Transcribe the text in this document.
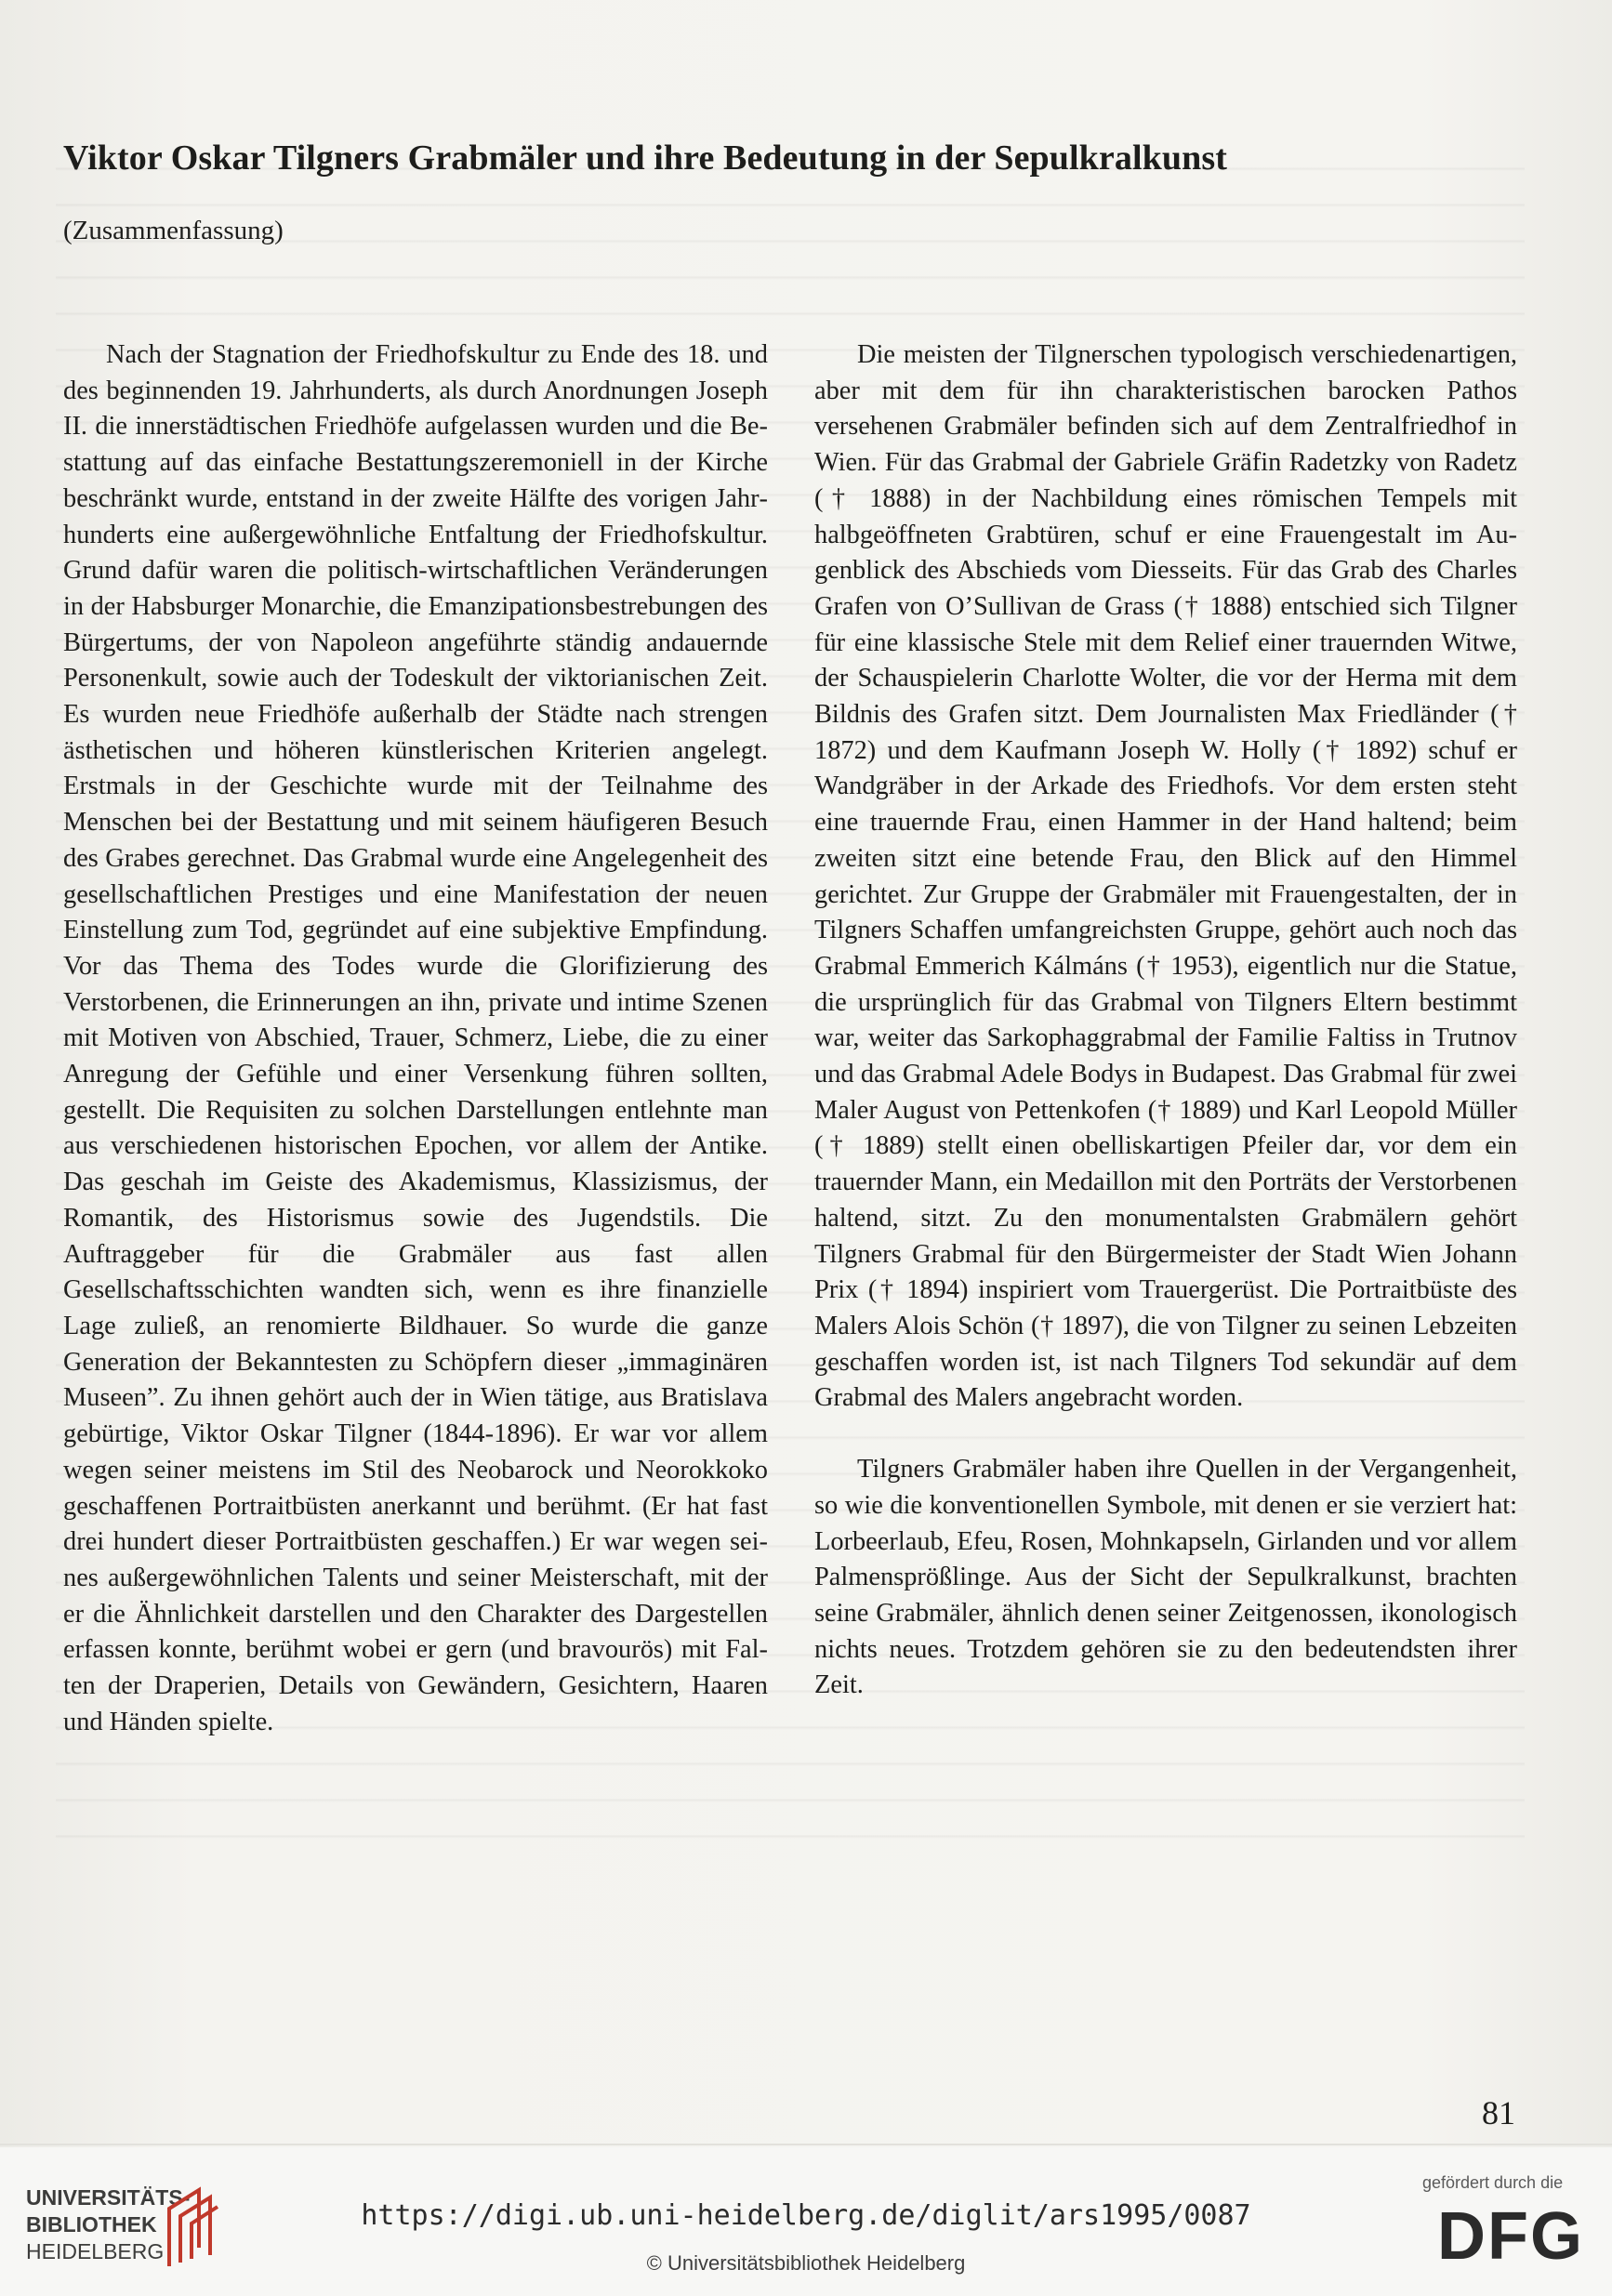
Viktor Oskar Tilgners Grabmäler und ihre Bedeutung in der Sepulkralkunst
(Zusammenfassung)

Nach der Stagnation der Friedhofskultur zu Ende des 18. und des beginnenden 19. Jahrhunderts, als durch Anordnungen Joseph II. die innerstädtischen Friedhöfe aufgelassen wurden und die Bestattung auf das einfache Bestattungszeremoniell in der Kirche beschränkt wurde, entstand in der zweite Hälfte des vorigen Jahrhunderts eine außergewöhnliche Entfaltung der Friedhofskultur. Grund dafür waren die politisch-wirtschaftlichen Veränderungen in der Habsburger Monarchie, die Emanzipationsbestrebungen des Bürgertums, der von Napoleon angeführte ständig andauernde Personenkult, sowie auch der Todeskult der viktorianischen Zeit. Es wurden neue Friedhöfe außerhalb der Städte nach strengen ästhetischen und höheren künstlerischen Kriterien angelegt. Erstmals in der Geschichte wurde mit der Teilnahme des Menschen bei der Bestattung und mit seinem häufigeren Besuch des Grabes gerechnet. Das Grabmal wurde eine Angelegenheit des gesellschaftlichen Prestiges und eine Manifestation der neuen Einstellung zum Tod, gegründet auf eine subjektive Empfindung. Vor das Thema des Todes wurde die Glorifizierung des Verstorbenen, die Erinnerungen an ihn, private und intime Szenen mit Motiven von Abschied, Trauer, Schmerz, Liebe, die zu einer Anregung der Gefühle und einer Versenkung führen sollten, gestellt. Die Requisiten zu solchen Darstellungen entlehnte man aus verschiedenen historischen Epochen, vor allem der Antike. Das geschah im Geiste des Akademismus, Klassizismus, der Romantik, des Historismus sowie des Jugendstils. Die Auftraggeber für die Grabmäler aus fast allen Gesellschaftsschichten wandten sich, wenn es ihre finanzielle Lage zuließ, an renomierte Bildhauer. So wurde die ganze Generation der Bekanntesten zu Schöpfern dieser „immaginären Museen”. Zu ihnen gehört auch der in Wien tätige, aus Bratislava gebürtige, Viktor Oskar Tilgner (1844-1896). Er war vor allem wegen seiner meistens im Stil des Neobarock und Neorokkoko geschaffenen Portraitbüsten anerkannt und berühmt. (Er hat fast drei hundert dieser Portraitbüsten geschaffen.) Er war wegen seines außergewöhnlichen Talents und seiner Meisterschaft, mit der er die Ähnlichkeit darstellen und den Charakter des Dargestellen erfassen konnte, berühmt wobei er gern (und bravourös) mit Falten der Draperien, Details von Gewändern, Gesichtern, Haaren und Händen spielte.

Die meisten der Tilgnerschen typologisch verschiedenartigen, aber mit dem für ihn charakteristischen barocken Pathos versehenen Grabmäler befinden sich auf dem Zentralfriedhof in Wien. Für das Grabmal der Gabriele Gräfin Radetzky von Radetz († 1888) in der Nachbildung eines römischen Tempels mit halbgeöffneten Grabtüren, schuf er eine Frauengestalt im Augenblick des Abschieds vom Diesseits. Für das Grab des Charles Grafen von O’Sullivan de Grass († 1888) entschied sich Tilgner für eine klassische Stele mit dem Relief einer trauernden Witwe, der Schauspielerin Charlotte Wolter, die vor der Herma mit dem Bildnis des Grafen sitzt. Dem Journalisten Max Friedländer († 1872) und dem Kaufmann Joseph W. Holly († 1892) schuf er Wandgräber in der Arkade des Friedhofs. Vor dem ersten steht eine trauernde Frau, einen Hammer in der Hand haltend; beim zweiten sitzt eine betende Frau, den Blick auf den Himmel gerichtet. Zur Gruppe der Grabmäler mit Frauengestalten, der in Tilgners Schaffen umfangreichsten Gruppe, gehört auch noch das Grabmal Emmerich Kálmáns († 1953), eigentlich nur die Statue, die ursprünglich für das Grabmal von Tilgners Eltern bestimmt war, weiter das Sarkophaggrabmal der Familie Faltiss in Trutnov und das Grabmal Adele Bodys in Budapest. Das Grabmal für zwei Maler August von Pettenkofen († 1889) und Karl Leopold Müller († 1889) stellt einen obelliskartigen Pfeiler dar, vor dem ein trauernder Mann, ein Medaillon mit den Porträts der Verstorbenen haltend, sitzt. Zu den monumentalsten Grabmälern gehört Tilgners Grabmal für den Bürgermeister der Stadt Wien Johann Prix († 1894) inspiriert vom Trauergerüst. Die Portraitbüste des Malers Alois Schön († 1897), die von Tilgner zu seinen Lebzeiten geschaffen worden ist, ist nach Tilgners Tod sekundär auf dem Grabmal des Malers angebracht worden.

Tilgners Grabmäler haben ihre Quellen in der Vergangenheit, so wie die konventionellen Symbole, mit denen er sie verziert hat: Lorbeerlaub, Efeu, Rosen, Mohnkapseln, Girlanden und vor allem Palmensprößlinge. Aus der Sicht der Sepulkralkunst, brachten seine Grabmäler, ähnlich denen seiner Zeitgenossen, ikonologisch nichts neues. Trotzdem gehören sie zu den bedeutendsten ihrer Zeit.

81
UNIVERSITÄTS-
BIBLIOTHEK
HEIDELBERG
https://digi.ub.uni-heidelberg.de/diglit/ars1995/0087
© Universitätsbibliothek Heidelberg
gefördert durch die
DFG
